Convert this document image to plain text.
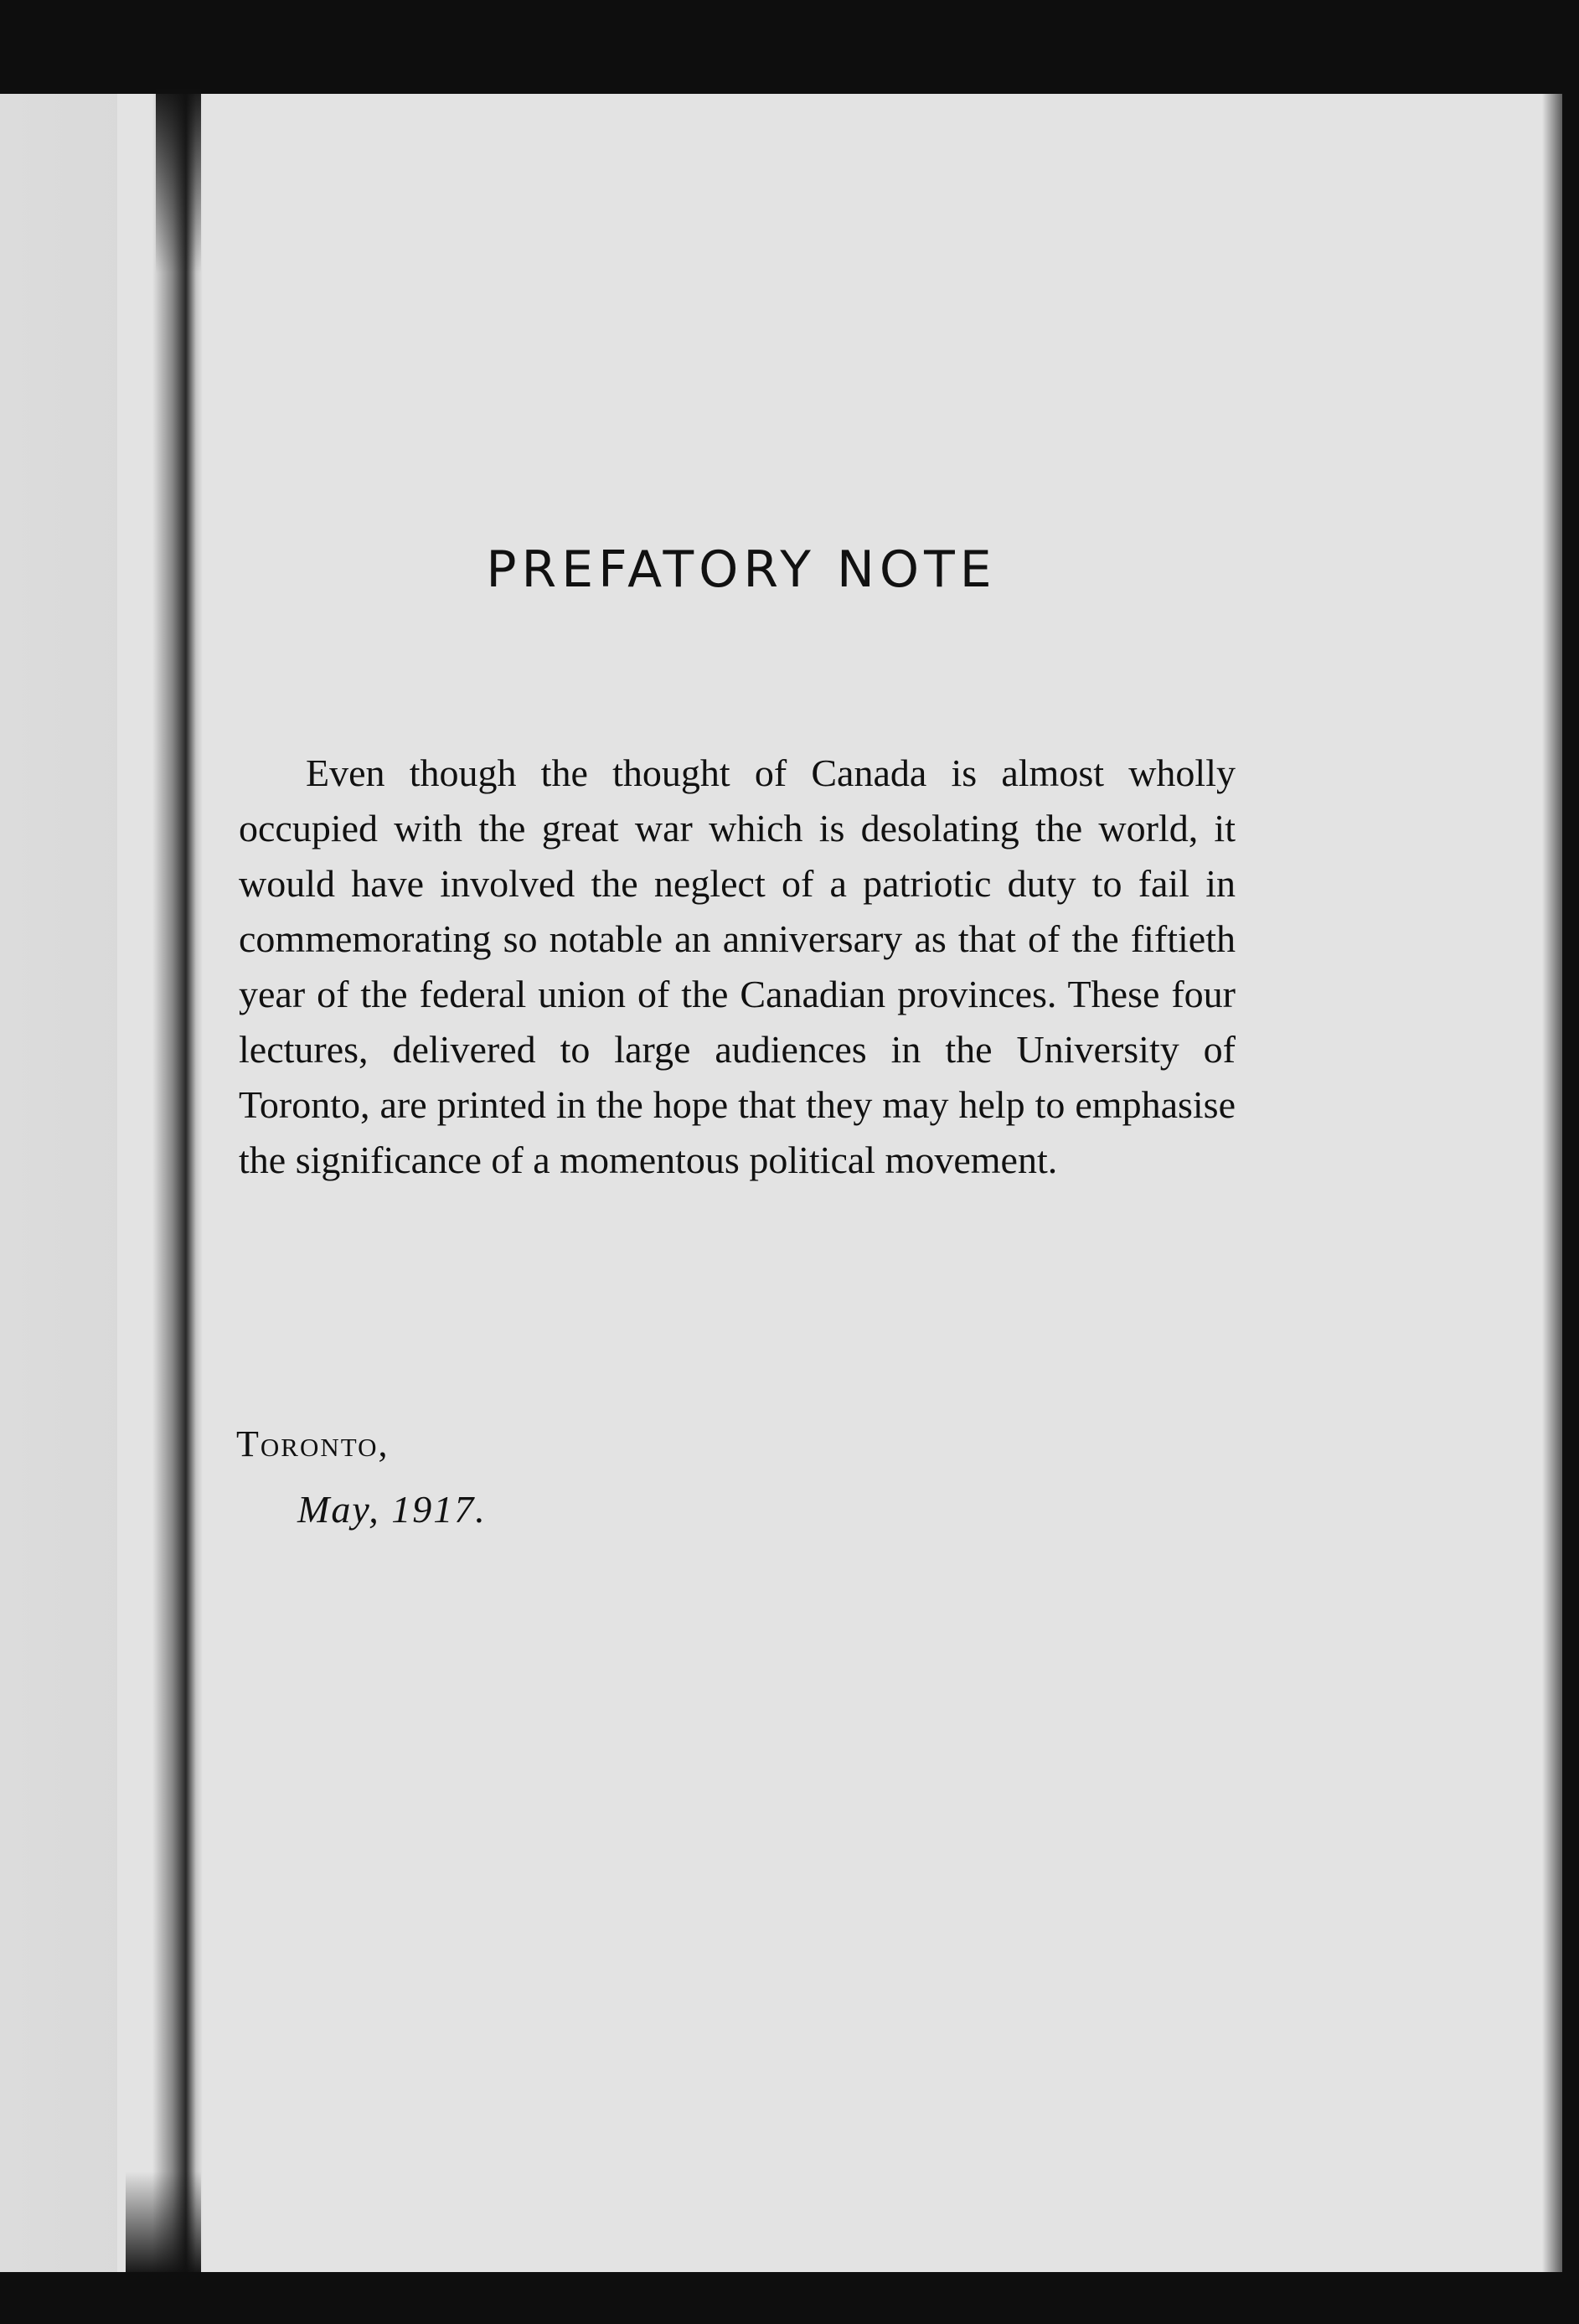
PREFATORY NOTE

Even though the thought of Canada is almost wholly occupied with the great war which is desolating the world, it would have involved the neglect of a patriotic duty to fail in commemorating so notable an anniversary as that of the fiftieth year of the federal union of the Canadian provinces. These four lectures, delivered to large audiences in the University of Toronto, are printed in the hope that they may help to emphasise the significance of a momentous political movement.

Toronto,

May, 1917.
